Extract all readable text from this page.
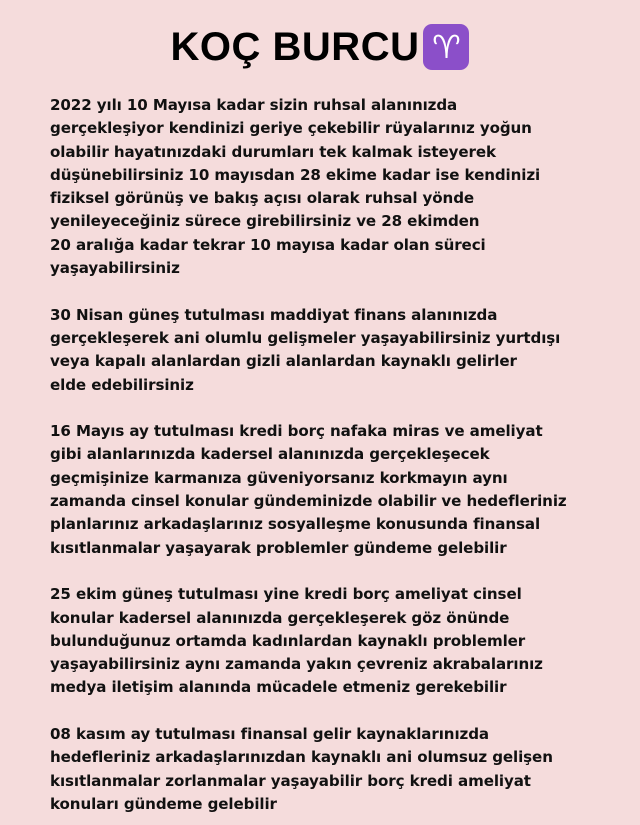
KOÇ BURCU ♈

2022 yılı 10 Mayısa kadar sizin ruhsal alanınızda
gerçekleşiyor kendinizi geriye çekebilir rüyalarınız yoğun
olabilir hayatınızdaki durumları tek kalmak isteyerek
düşünebilirsiniz 10 mayısdan 28 ekime kadar ise kendinizi
fiziksel görünüş ve bakış açısı olarak ruhsal yönde
yenileyeceğiniz sürece girebilirsiniz ve 28 ekimden
20 aralığa kadar tekrar 10 mayısa kadar olan süreci
yaşayabilirsiniz

30 Nisan güneş tutulması maddiyat finans alanınızda
gerçekleşerek ani olumlu gelişmeler yaşayabilirsiniz yurtdışı
veya kapalı alanlardan gizli alanlardan kaynaklı gelirler
elde edebilirsiniz

16 Mayıs ay tutulması kredi borç nafaka miras ve ameliyat
gibi alanlarınızda kadersel alanınızda gerçekleşecek
geçmişinize karmanıza güveniyorsanız korkmayın aynı
zamanda cinsel konular gündeminizde olabilir ve hedefleriniz
planlarınız arkadaşlarınız sosyalleşme konusunda finansal
kısıtlanmalar yaşayarak problemler gündeme gelebilir

25 ekim güneş tutulması yine kredi borç ameliyat cinsel
konular kadersel alanınızda gerçekleşerek göz önünde
bulunduğunuz ortamda kadınlardan kaynaklı problemler
yaşayabilirsiniz aynı zamanda yakın çevreniz akrabalarınız
medya iletişim alanında mücadele etmeniz gerekebilir

08 kasım ay tutulması finansal gelir kaynaklarınızda
hedefleriniz arkadaşlarınızdan kaynaklı ani olumsuz gelişen
kısıtlanmalar zorlanmalar yaşayabilir borç kredi ameliyat
konuları gündeme gelebilir
